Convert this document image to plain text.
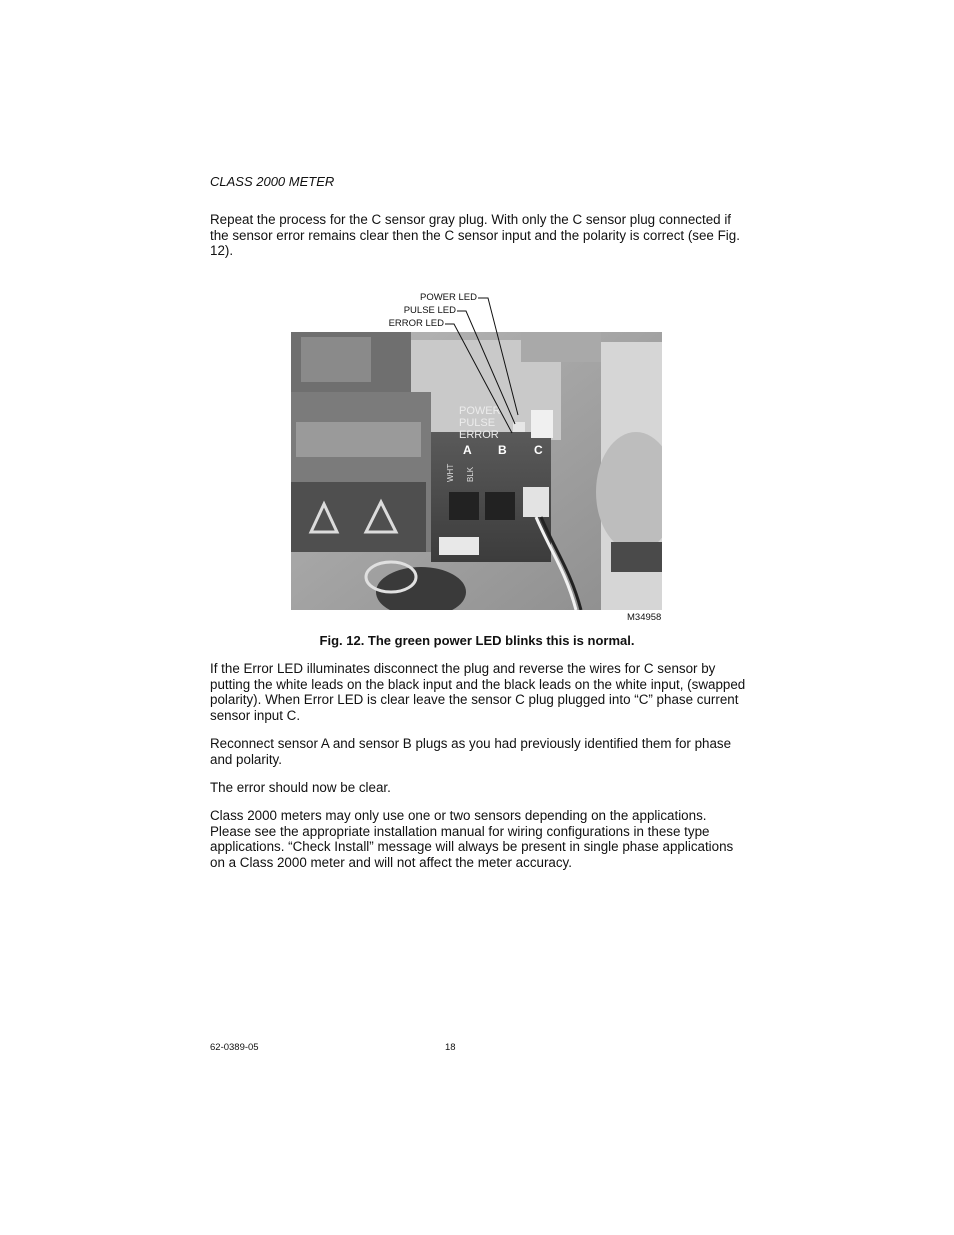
CLASS 2000 METER
Repeat the process for the C sensor gray plug. With only the C sensor plug connected if the sensor error remains clear then the C sensor input and the polarity is correct (see Fig. 12).
POWER LED
PULSE LED
ERROR LED
POWER
PULSE
ERROR
A B C
WHT BLK
M34958
Fig. 12. The green power LED blinks this is normal.
If the Error LED illuminates disconnect the plug and reverse the wires for C sensor by putting the white leads on the black input and the black leads on the white input, (swapped polarity). When Error LED is clear leave the sensor C plug plugged into “C” phase current sensor input C.
Reconnect sensor A and sensor B plugs as you had previously identified them for phase and polarity.
The error should now be clear.
Class 2000 meters may only use one or two sensors depending on the applications. Please see the appropriate installation manual for wiring configurations in these type applications. “Check Install” message will always be present in single phase applications on a Class 2000 meter and will not affect the meter accuracy.
62-0389-05	18
